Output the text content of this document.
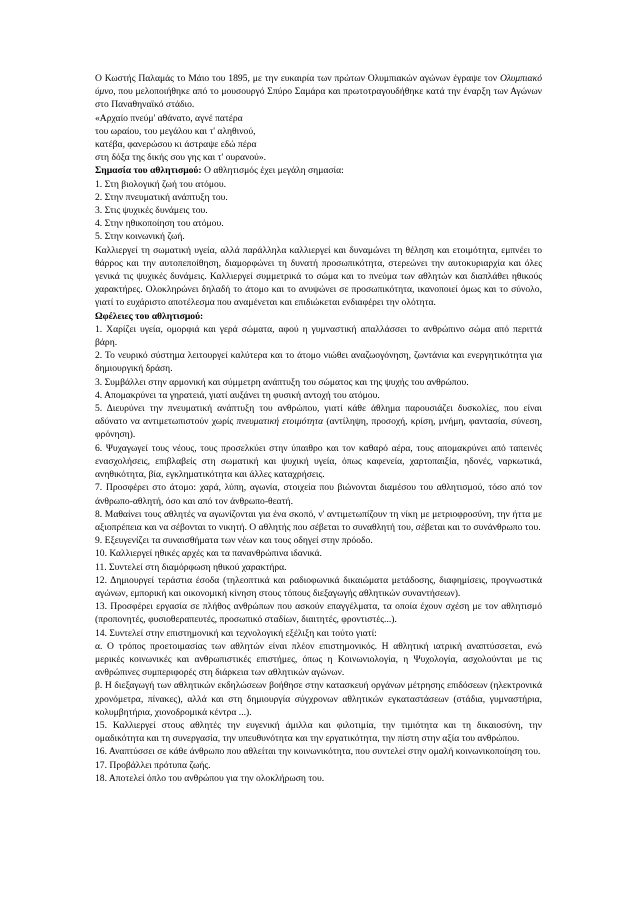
Ο Κωστής Παλαμάς το Μάιο του 1895, με την ευκαιρία των πρώτων Ολυμπιακών αγώνων έγραψε τον Ολυμπιακό ύμνο, που μελοποιήθηκε από το μουσουργό Σπύρο Σαμάρα και πρωτοτραγουδήθηκε κατά την έναρξη των Αγώνων στο Παναθηναϊκό στάδιο.

«Αρχαίο πνεύμ' αθάνατο, αγνέ πατέρα

του ωραίου, του μεγάλου και τ' αληθινού,

κατέβα, φανερώσου κι άστραψε εδώ πέρα

στη δόξα της δικής σου γης και τ' ουρανού».

Σημασία του αθλητισμού: Ο αθλητισμός έχει μεγάλη σημασία:

1. Στη βιολογική ζωή του ατόμου.

2. Στην πνευματική ανάπτυξη του.

3. Στις ψυχικές δυνάμεις του.

4. Στην ηθικοποίηση του ατόμου.

5. Στην κοινωνική ζωή.

Καλλιεργεί τη σωματική υγεία, αλλά παράλληλα καλλιεργεί και δυναμώνει τη θέληση και ετοιμότητα, εμπνέει το θάρρος και την αυτοπεποίθηση, διαμορφώνει τη δυνατή προσωπικότητα, στερεώνει την αυτοκυριαρχία και όλες γενικά τις ψυχικές δυνάμεις. Καλλιεργεί συμμετρικά το σώμα και το πνεύμα των αθλητών και διαπλάθει ηθικούς χαρακτήρες. Ολοκληρώνει δηλαδή το άτομο και το ανυψώνει σε προσωπικότητα, ικανοποιεί όμως και το σύνολο, γιατί το ευχάριστο αποτέλεσμα που αναμένεται και επιδιώκεται ενδιαφέρει την ολότητα.

Ωφέλειες του αθλητισμού:

1. Χαρίζει υγεία, ομορφιά και γερά σώματα, αφού η γυμναστική απαλλάσσει το ανθρώπινο σώμα από περιττά βάρη.

2. Το νευρικό σύστημα λειτουργεί καλύτερα και το άτομο νιώθει αναζωογόνηση, ζωντάνια και ενεργητικότητα για δημιουργική δράση.

3. Συμβάλλει στην αρμονική και σύμμετρη ανάπτυξη του σώματος και της ψυχής του ανθρώπου.

4. Απομακρύνει τα γηρατειά, γιατί αυξάνει τη φυσική αντοχή του ατόμου.

5. Διευρύνει την πνευματική ανάπτυξη του ανθρώπου, γιατί κάθε άθλημα παρουσιάζει δυσκολίες, που είναι αδύνατο να αντιμετωπιστούν χωρίς πνευματική ετοιμότητα (αντίληψη, προσοχή, κρίση, μνήμη, φαντασία, σύνεση, φρόνηση).

6. Ψυχαγωγεί τους νέους, τους προσελκύει στην ύπαιθρο και τον καθαρό αέρα, τους απομακρύνει από ταπεινές ενασχολήσεις, επιβλαβείς στη σωματική και ψυχική υγεία, όπως καφενεία, χαρτοπαιξία, ηδονές, ναρκωτικά, ανηθικότητα, βία, εγκληματικότητα και άλλες καταχρήσεις.

7. Προσφέρει στο άτομο: χαρά, λύπη, αγωνία, στοιχεία που βιώνονται διαμέσου του αθλητισμού, τόσο από τον άνθρωπο-αθλητή, όσο και από τον άνθρωπο-θεατή.

8. Μαθαίνει τους αθλητές να αγωνίζονται για ένα σκοπό, ν' αντιμετωπίζουν τη νίκη με μετριοφροσύνη, την ήττα με αξιοπρέπεια και να σέβονται το νικητή. Ο αθλητής που σέβεται το συναθλητή του, σέβεται και το συνάνθρωπο του.

9. Εξευγενίζει τα συναισθήματα των νέων και τους οδηγεί στην πρόοδο.

10. Καλλιεργεί ηθικές αρχές και τα πανανθρώπινα ιδανικά.

11. Συντελεί στη διαμόρφωση ηθικού χαρακτήρα.

12. Δημιουργεί τεράστια έσοδα (τηλεοπτικά και ραδιοφωνικά δικαιώματα μετάδοσης, διαφημίσεις, προγνωστικά αγώνων, εμπορική και οικονομική κίνηση στους τόπους διεξαγωγής αθλητικών συναντήσεων).

13. Προσφέρει εργασία σε πλήθος ανθρώπων που ασκούν επαγγέλματα, τα οποία έχουν σχέση με τον αθλητισμό (προπονητές, φυσιοθεραπευτές, προσωπικό σταδίων, διαιτητές, φροντιστές...).

14. Συντελεί στην επιστημονική και τεχνολογική εξέλιξη και τούτο γιατί:

α. Ο τρόπος προετοιμασίας των αθλητών είναι πλέον επιστημονικός. Η αθλητική ιατρική αναπτύσσεται, ενώ μερικές κοινωνικές και ανθρωπιστικές επιστήμες, όπως η Κοινωνιολογία, η Ψυχολογία, ασχολούνται με τις ανθρώπινες συμπεριφορές στη διάρκεια των αθλητικών αγώνων.

β. Η διεξαγωγή των αθλητικών εκδηλώσεων βοήθησε στην κατασκευή οργάνων μέτρησης επιδόσεων (ηλεκτρονικά χρονόμετρα, πίνακες), αλλά και στη δημιουργία σύγχρονων αθλητικών εγκαταστάσεων (στάδια, γυμναστήρια, κολυμβητήρια, χιονοδρομικά κέντρα ...).

15. Καλλιεργεί στους αθλητές την ευγενική άμιλλα και φιλοτιμία, την τιμιότητα και τη δικαιοσύνη, την ομαδικότητα και τη συνεργασία, την υπευθυνότητα και την εργατικότητα, την πίστη στην αξία του ανθρώπου.

16. Αναπτύσσει σε κάθε άνθρωπο που αθλείται την κοινωνικότητα, που συντελεί στην ομαλή κοινωνικοποίηση του.

17. Προβάλλει πρότυπα ζωής.

18. Αποτελεί όπλο του ανθρώπου για την ολοκλήρωση του.
